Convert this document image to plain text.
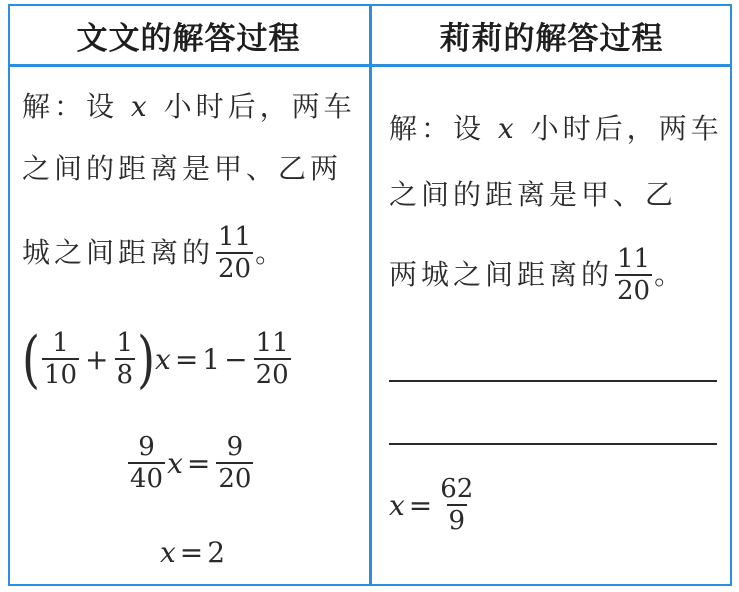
文文的解答过程	莉莉的解答过程
解：设 x 小时后，两车
之间的距离是甲、乙两
城之间距离的 $\frac{11}{20}$ 。
( $\frac{1}{10} + \frac{1}{8}$ ) $x = 1 - \frac{11}{20}$
$\frac{9}{40}$ $x = \frac{9}{20}$
x = 2
解：设 x 小时后，两车
之间的距离是甲、乙
两城之间距离的 $\frac{11}{20}$ 。
$x = \frac{62}{9}$
